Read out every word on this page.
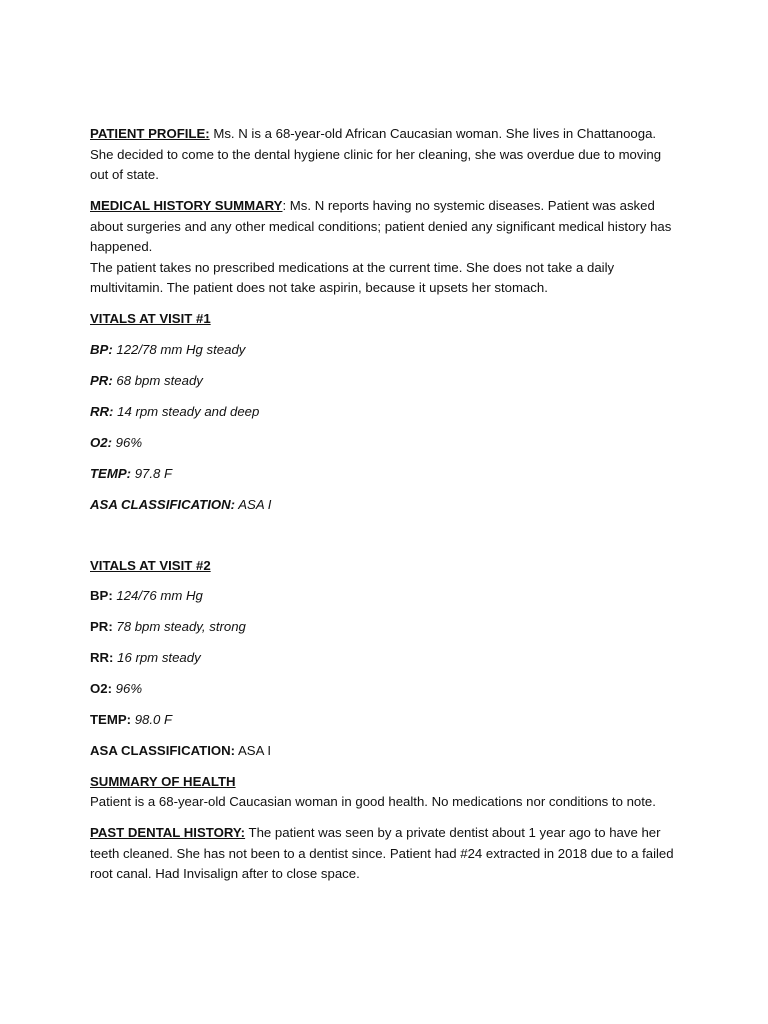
PATIENT PROFILE: Ms. N is a 68-year-old African Caucasian woman. She lives in Chattanooga. She decided to come to the dental hygiene clinic for her cleaning, she was overdue due to moving out of state.

MEDICAL HISTORY SUMMARY: Ms. N reports having no systemic diseases. Patient was asked about surgeries and any other medical conditions; patient denied any significant medical history has happened.

The patient takes no prescribed medications at the current time. She does not take a daily multivitamin. The patient does not take aspirin, because it upsets her stomach.

VITALS AT VISIT #1

BP: 122/78 mm Hg steady

PR: 68 bpm steady

RR: 14 rpm steady and deep

O2: 96%

TEMP: 97.8 F

ASA CLASSIFICATION: ASA I

VITALS AT VISIT #2

BP: 124/76 mm Hg

PR: 78 bpm steady, strong

RR: 16 rpm steady

O2: 96%

TEMP: 98.0 F

ASA CLASSIFICATION: ASA I

SUMMARY OF HEALTH

Patient is a 68-year-old Caucasian woman in good health. No medications nor conditions to note.

PAST DENTAL HISTORY: The patient was seen by a private dentist about 1 year ago to have her teeth cleaned. She has not been to a dentist since. Patient had #24 extracted in 2018 due to a failed root canal. Had Invisalign after to close space.
